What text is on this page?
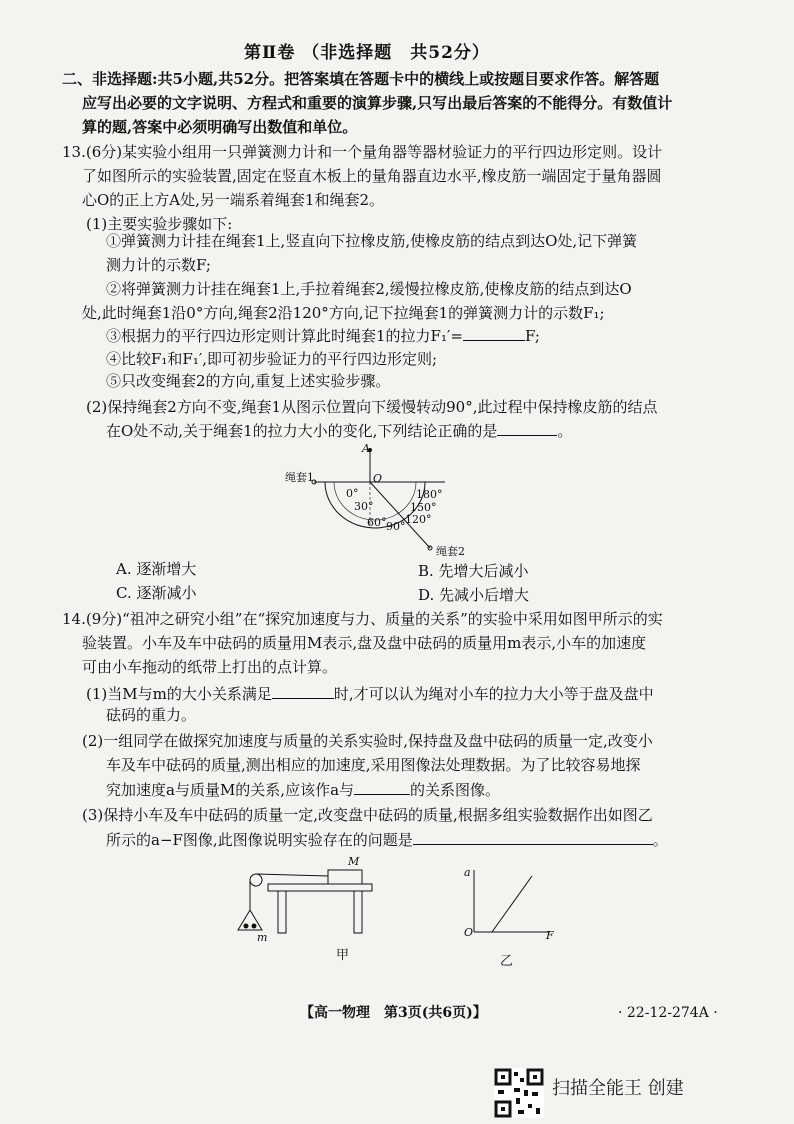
第Ⅱ卷 （非选择题　共52分）
二、非选择题:共5小题,共52分。把答案填在答题卡中的横线上或按题目要求作答。解答题
应写出必要的文字说明、方程式和重要的演算步骤,只写出最后答案的不能得分。有数值计
算的题,答案中必须明确写出数值和单位。
13.(6分)某实验小组用一只弹簧测力计和一个量角器等器材验证力的平行四边形定则。设计
了如图所示的实验装置,固定在竖直木板上的量角器直边水平,橡皮筋一端固定于量角器圆
心O的正上方A处,另一端系着绳套1和绳套2。
(1)主要实验步骤如下:
①弹簧测力计挂在绳套1上,竖直向下拉橡皮筋,使橡皮筋的结点到达O处,记下弹簧
测力计的示数F;
②将弹簧测力计挂在绳套1上,手拉着绳套2,缓慢拉橡皮筋,使橡皮筋的结点到达O
处,此时绳套1沿0°方向,绳套2沿120°方向,记下拉绳套1的弹簧测力计的示数F₁;
③根据力的平行四边形定则计算此时绳套1的拉力F₁′=	F;
④比较F₁和F₁′,即可初步验证力的平行四边形定则;
⑤只改变绳套2的方向,重复上述实验步骤。
(2)保持绳套2方向不变,绳套1从图示位置向下缓慢转动90°,此过程中保持橡皮筋的结点
在O处不动,关于绳套1的拉力大小的变化,下列结论正确的是	。
A
O
绳套1
绳套2
0°
30°
60° 90°
120°
150°
180°
A. 逐渐增大	B. 先增大后减小
C. 逐渐减小	D. 先减小后增大
14.(9分)“祖冲之研究小组”在“探究加速度与力、质量的关系”的实验中采用如图甲所示的实
验装置。小车及车中砝码的质量用M表示,盘及盘中砝码的质量用m表示,小车的加速度
可由小车拖动的纸带上打出的点计算。
(1)当M与m的大小关系满足	时,才可以认为绳对小车的拉力大小等于盘及盘中
砝码的重力。
(2)一组同学在做探究加速度与质量的关系实验时,保持盘及盘中砝码的质量一定,改变小
车及车中砝码的质量,测出相应的加速度,采用图像法处理数据。为了比较容易地探
究加速度a与质量M的关系,应该作a与	的关系图像。
(3)保持小车及车中砝码的质量一定,改变盘中砝码的质量,根据多组实验数据作出如图乙
所示的a−F图像,此图像说明实验存在的问题是	。
M
m
甲
a
O	F
乙
【高一物理　第3页(共6页)】	· 22-12-274A ·
扫描全能王 创建
